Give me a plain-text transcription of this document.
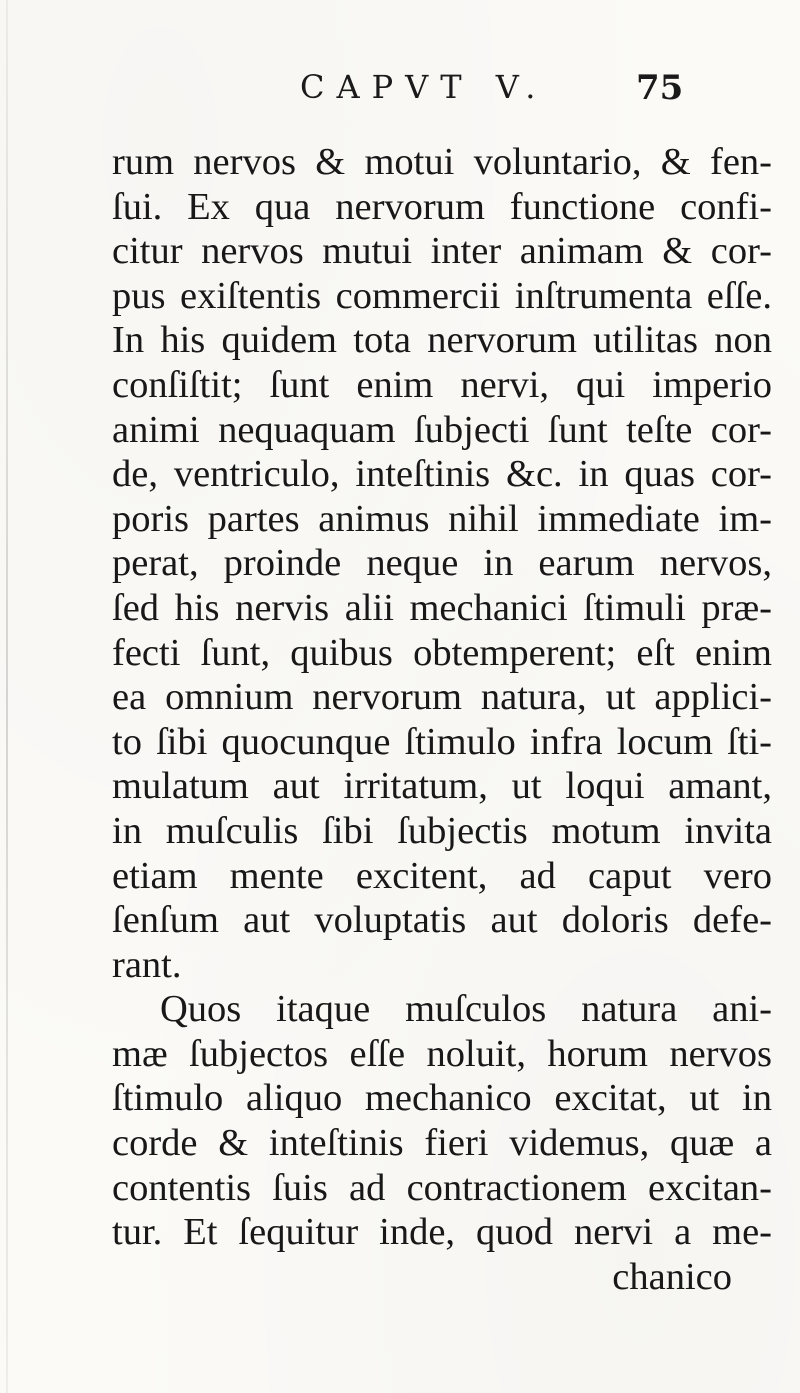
CAPVT V.	75
rum nervos & motui voluntario, & fen-
ſui. Ex qua nervorum functione confi-
citur nervos mutui inter animam & cor-
pus exiſtentis commercii inſtrumenta eſſe.
In his quidem tota nervorum utilitas non
conſiſtit; ſunt enim nervi, qui imperio
animi nequaquam ſubjecti ſunt teſte cor-
de, ventriculo, inteſtinis &c. in quas cor-
poris partes animus nihil immediate im-
perat, proinde neque in earum nervos,
ſed his nervis alii mechanici ſtimuli præ-
fecti ſunt, quibus obtemperent; eſt enim
ea omnium nervorum natura, ut applici-
to ſibi quocunque ſtimulo infra locum ſti-
mulatum aut irritatum, ut loqui amant,
in muſculis ſibi ſubjectis motum invita
etiam mente excitent, ad caput vero
ſenſum aut voluptatis aut doloris defe-
rant.
Quos itaque muſculos natura ani-
mæ ſubjectos eſſe noluit, horum nervos
ſtimulo aliquo mechanico excitat, ut in
corde & inteſtinis fieri videmus, quæ a
contentis ſuis ad contractionem excitan-
tur. Et ſequitur inde, quod nervi a me-
chanico
